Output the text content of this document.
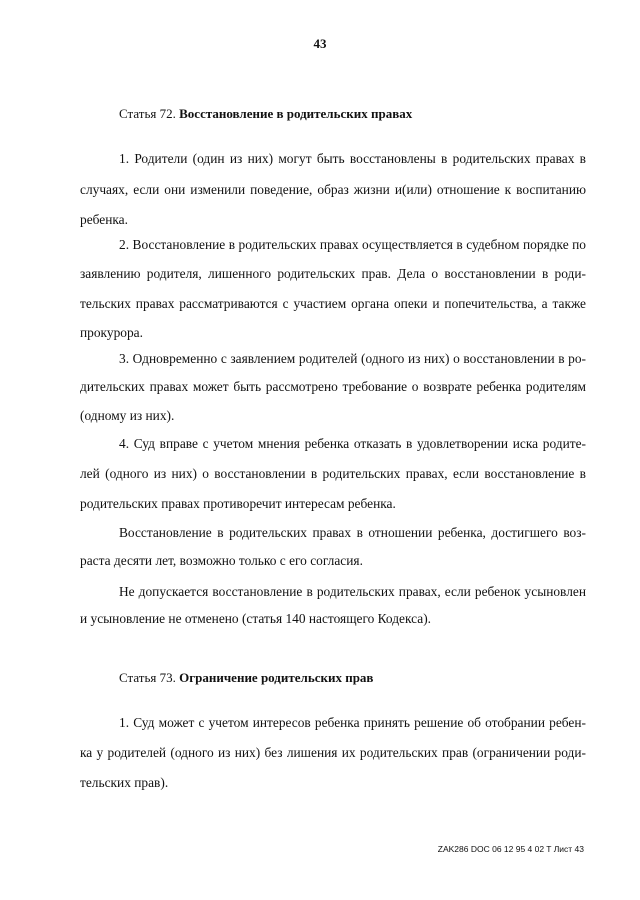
43
Статья 72. Восстановление в родительских правах
1. Родители (один из них) могут быть восстановлены в родительских правах в
случаях, если они изменили поведение, образ жизни и(или) отношение к воспитанию
ребенка.
2. Восстановление в родительских правах осуществляется в судебном порядке по
заявлению родителя, лишенного родительских прав. Дела о восстановлении в роди-
тельских правах рассматриваются с участием органа опеки и попечительства, а также
прокурора.
3. Одновременно с заявлением родителей (одного из них) о восстановлении в ро-
дительских правах может быть рассмотрено требование о возврате ребенка родителям
(одному из них).
4. Суд вправе с учетом мнения ребенка отказать в удовлетворении иска родите-
лей (одного из них) о восстановлении в родительских правах, если восстановление в
родительских правах противоречит интересам ребенка.
Восстановление в родительских правах в отношении ребенка, достигшего воз-
раста десяти лет, возможно только с его согласия.
Не допускается восстановление в родительских правах, если ребенок усыновлен
и усыновление не отменено (статья 140 настоящего Кодекса).
Статья 73. Ограничение родительских прав
1. Суд может с учетом интересов ребенка принять решение об отобрании ребен-
ка у родителей (одного из них) без лишения их родительских прав (ограничении роди-
тельских прав).
ZAK286 DOC 06 12 95 4 02 T Лист 43
